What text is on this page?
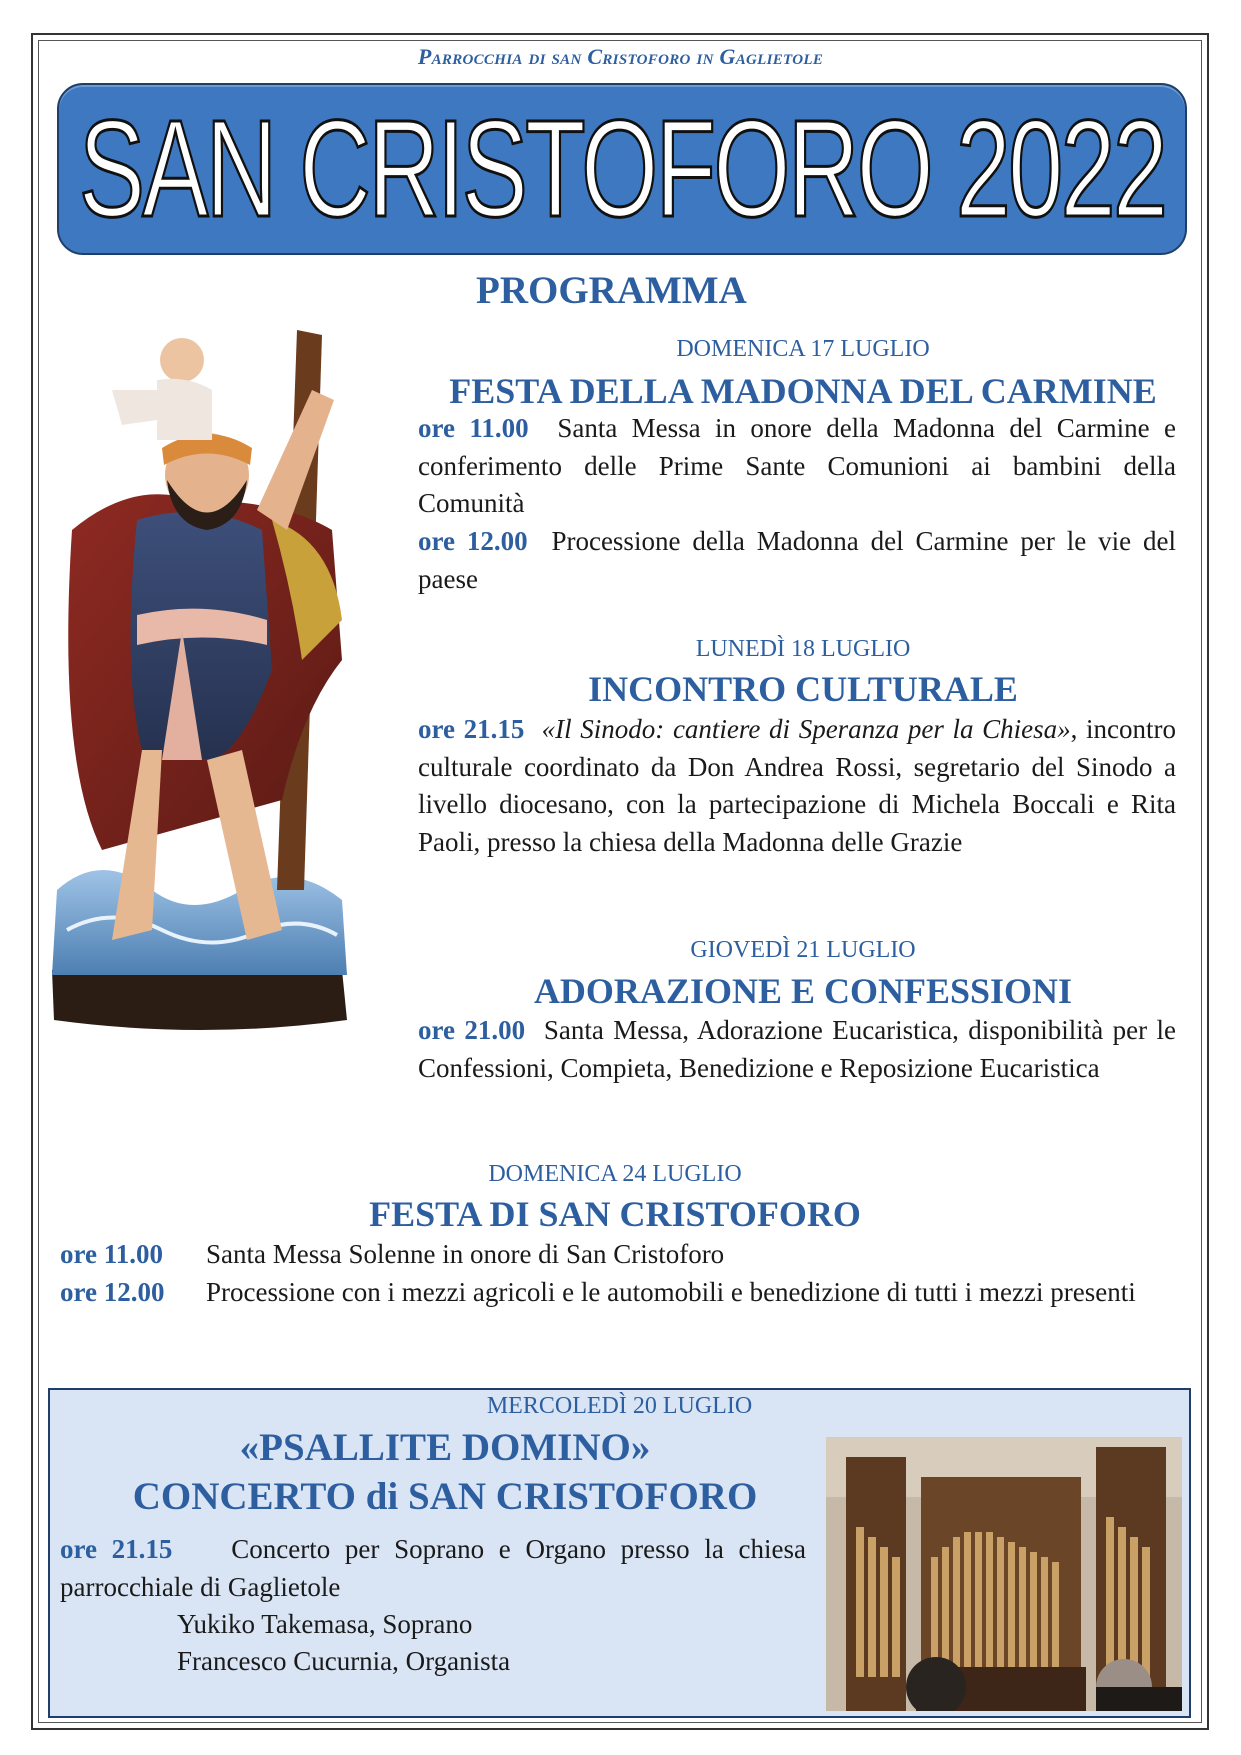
Parrocchia di san Cristoforo in Gaglietole
SAN CRISTOFORO 2022
PROGRAMMA
DOMENICA 17 LUGLIO
FESTA DELLA MADONNA DEL CARMINE
ore 11.00 Santa Messa in onore della Madonna del Carmine e conferimento delle Prime Sante Comunioni ai bambini della Comunità
ore 12.00 Processione della Madonna del Carmine per le vie del paese
LUNEDÌ 18 LUGLIO
INCONTRO CULTURALE
ore 21.15 «Il Sinodo: cantiere di Speranza per la Chiesa», incontro culturale coordinato da Don Andrea Rossi, segretario del Sinodo a livello diocesano, con la partecipazione di Michela Boccali e Rita Paoli, presso la chiesa della Madonna delle Grazie
GIOVEDÌ 21 LUGLIO
ADORAZIONE E CONFESSIONI
ore 21.00 Santa Messa, Adorazione Eucaristica, disponibilità per le Confessioni, Compieta, Benedizione e Reposizione Eucaristica
DOMENICA 24 LUGLIO
FESTA DI SAN CRISTOFORO
ore 11.00 Santa Messa Solenne in onore di San Cristoforo
ore 12.00 Processione con i mezzi agricoli e le automobili e benedizione di tutti i mezzi presenti
MERCOLEDÌ 20 LUGLIO
«PSALLITE DOMINO»
CONCERTO di SAN CRISTOFORO
ore 21.15 Concerto per Soprano e Organo presso la chiesa parrocchiale di Gaglietole
Yukiko Takemasa, Soprano
Francesco Cucurnia, Organista
